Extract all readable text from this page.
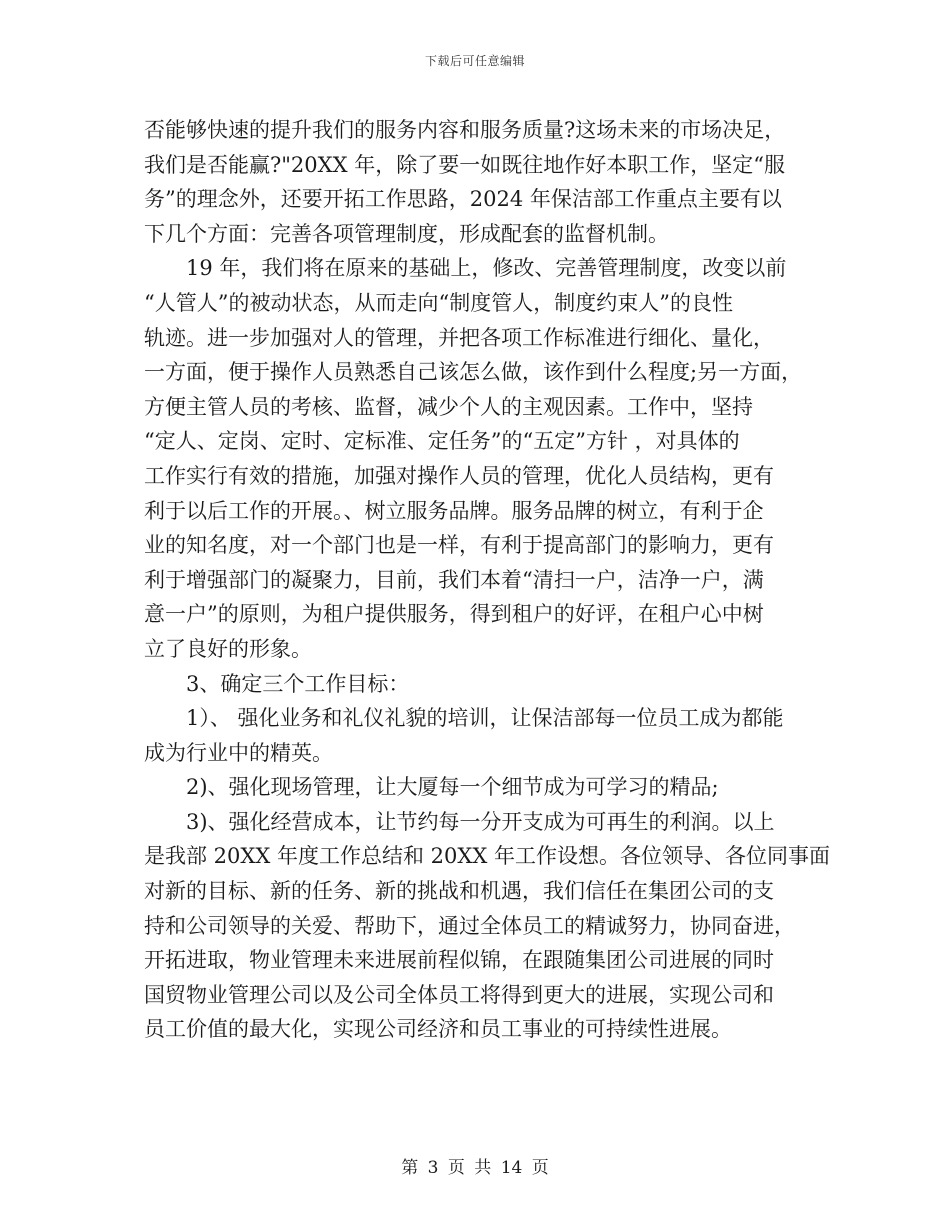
下载后可任意编辑
否能够快速的提升我们的服务内容和服务质量?这场未来的市场决足，
我们是否能赢?"20XX 年，除了要一如既往地作好本职工作，坚定“服
务”的理念外，还要开拓工作思路，2024 年保洁部工作重点主要有以
下几个方面：完善各项管理制度，形成配套的监督机制。
19 年，我们将在原来的基础上，修改、完善管理制度，改变以前
“人管人”的被动状态，从而走向“制度管人，制度约束人”的良性
轨迹。进一步加强对人的管理，并把各项工作标准进行细化、量化，
一方面，便于操作人员熟悉自己该怎么做，该作到什么程度;另一方面，
方便主管人员的考核、监督，减少个人的主观因素。工作中，坚持
“定人、定岗、定时、定标准、定任务”的“五定”方针 ，对具体的
工作实行有效的措施，加强对操作人员的管理，优化人员结构，更有
利于以后工作的开展。、树立服务品牌。服务品牌的树立，有利于企
业的知名度，对一个部门也是一样，有利于提高部门的影响力，更有
利于增强部门的凝聚力，目前，我们本着“清扫一户，洁净一户，满
意一户”的原则，为租户提供服务，得到租户的好评，在租户心中树
立了良好的形象。
3、确定三个工作目标：
1）、 强化业务和礼仪礼貌的培训，让保洁部每一位员工成为都能
成为行业中的精英。
2)、强化现场管理，让大厦每一个细节成为可学习的精品;
3)、强化经营成本，让节约每一分开支成为可再生的利润。以上
是我部 20XX 年度工作总结和 20XX 年工作设想。各位领导、各位同事面
对新的目标、新的任务、新的挑战和机遇，我们信任在集团公司的支
持和公司领导的关爱、帮助下，通过全体员工的精诚努力，协同奋进，
开拓进取，物业管理未来进展前程似锦，在跟随集团公司进展的同时
国贸物业管理公司以及公司全体员工将得到更大的进展，实现公司和
员工价值的最大化，实现公司经济和员工事业的可持续性进展。
第 3 页 共 14 页
